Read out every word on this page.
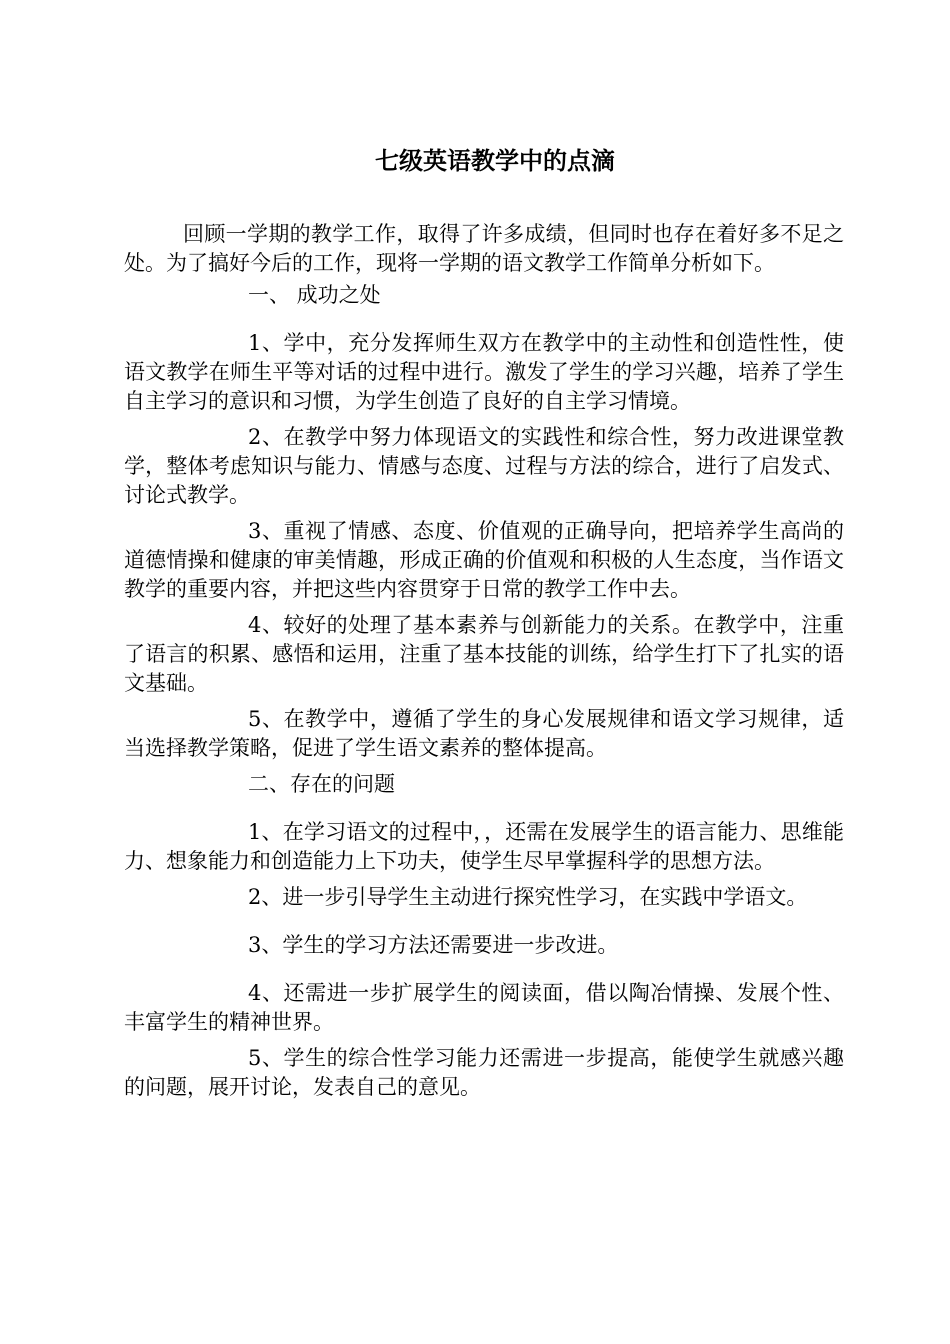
七级英语教学中的点滴

回顾一学期的教学工作，取得了许多成绩，但同时也存在着好多不足之处。为了搞好今后的工作，现将一学期的语文教学工作简单分析如下。

一、 成功之处

1、学中，充分发挥师生双方在教学中的主动性和创造性性，使语文教学在师生平等对话的过程中进行。激发了学生的学习兴趣，培养了学生自主学习的意识和习惯，为学生创造了良好的自主学习情境。

2、在教学中努力体现语文的实践性和综合性，努力改进课堂教学，整体考虑知识与能力、情感与态度、过程与方法的综合，进行了启发式、讨论式教学。

3、重视了情感、态度、价值观的正确导向，把培养学生高尚的道德情操和健康的审美情趣，形成正确的价值观和积极的人生态度，当作语文教学的重要内容，并把这些内容贯穿于日常的教学工作中去。

4、较好的处理了基本素养与创新能力的关系。在教学中，注重了语言的积累、感悟和运用，注重了基本技能的训练，给学生打下了扎实的语文基础。

5、在教学中，遵循了学生的身心发展规律和语文学习规律，适当选择教学策略，促进了学生语文素养的整体提高。

二、存在的问题

1、在学习语文的过程中，，还需在发展学生的语言能力、思维能力、想象能力和创造能力上下功夫，使学生尽早掌握科学的思想方法。

2、进一步引导学生主动进行探究性学习，在实践中学语文。

3、学生的学习方法还需要进一步改进。

4、还需进一步扩展学生的阅读面，借以陶冶情操、发展个性、丰富学生的精神世界。

5、学生的综合性学习能力还需进一步提高，能使学生就感兴趣的问题，展开讨论，发表自己的意见。
